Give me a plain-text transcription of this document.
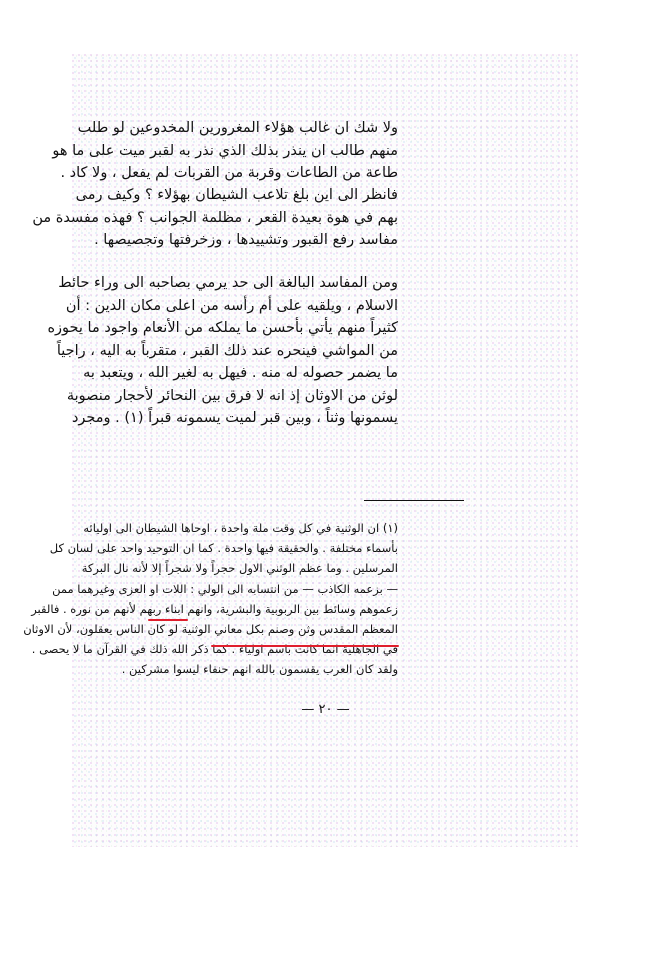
ولا شك ان غالب هؤلاء المغرورين المخدوعين لو طلب
منهم طالب ان ينذر بذلك الذي نذر به لقبر ميت على ما هو
طاعة من الطاعات وقربة من القربات لم يفعل ، ولا كاد .
فانظر الى اين بلغ تلاعب الشيطان بهؤلاء ؟ وكيف رمى
بهم في هوة بعيدة القعر ، مظلمة الجوانب ؟ فهذه مفسدة من
مفاسد رفع القبور وتشييدها ، وزخرفتها وتجصيصها .
ومن المفاسد البالغة الى حد يرمي بصاحبه الى وراء حائط
الاسلام ، ويلقيه على أم رأسه من اعلى مكان الدين : أن
كثيراً منهم يأتي بأحسن ما يملكه من الأنعام واجود ما يحوزه
من المواشي فينحره عند ذلك القبر ، متقرباً به اليه ، راجياً
ما يضمر حصوله له منه . فيهل به لغير الله ، ويتعبد به
لوثن من الاوثان إذ انه لا فرق بين النحائر لأحجار منصوبة
يسمونها وثناً ، وبين قبر لميت يسمونه قبراً (١) . ومجرد
(١) ان الوثنية في كل وقت ملة واحدة ، اوحاها الشيطان الى اوليائه
بأسماء مختلفة . والحقيقة فيها واحدة . كما ان التوحيد واحد على لسان كل
المرسلين . وما عظم الوثني الاول حجراً ولا شجراً إلا لأنه نال البركة
— بزعمه الكاذب — من انتسابه الى الولي : اللات او العزى وغيرهما ممن
زعموهم وسائط بين الربوبية والبشرية، وانهم ابناء ربهم لأنهم من نوره . فالقبر
المعظم المقدس وثن وصنم بكل معاني الوثنية لو كان الناس يعقلون، لأن الاوثان
في الجاهلية انما كانت باسم اولياء . كما ذكر الله ذلك في القرآن ما لا يحصى .
ولقد كان العرب يقسمون بالله انهم حنفاء ليسوا مشركين .
— ٢٠ —
